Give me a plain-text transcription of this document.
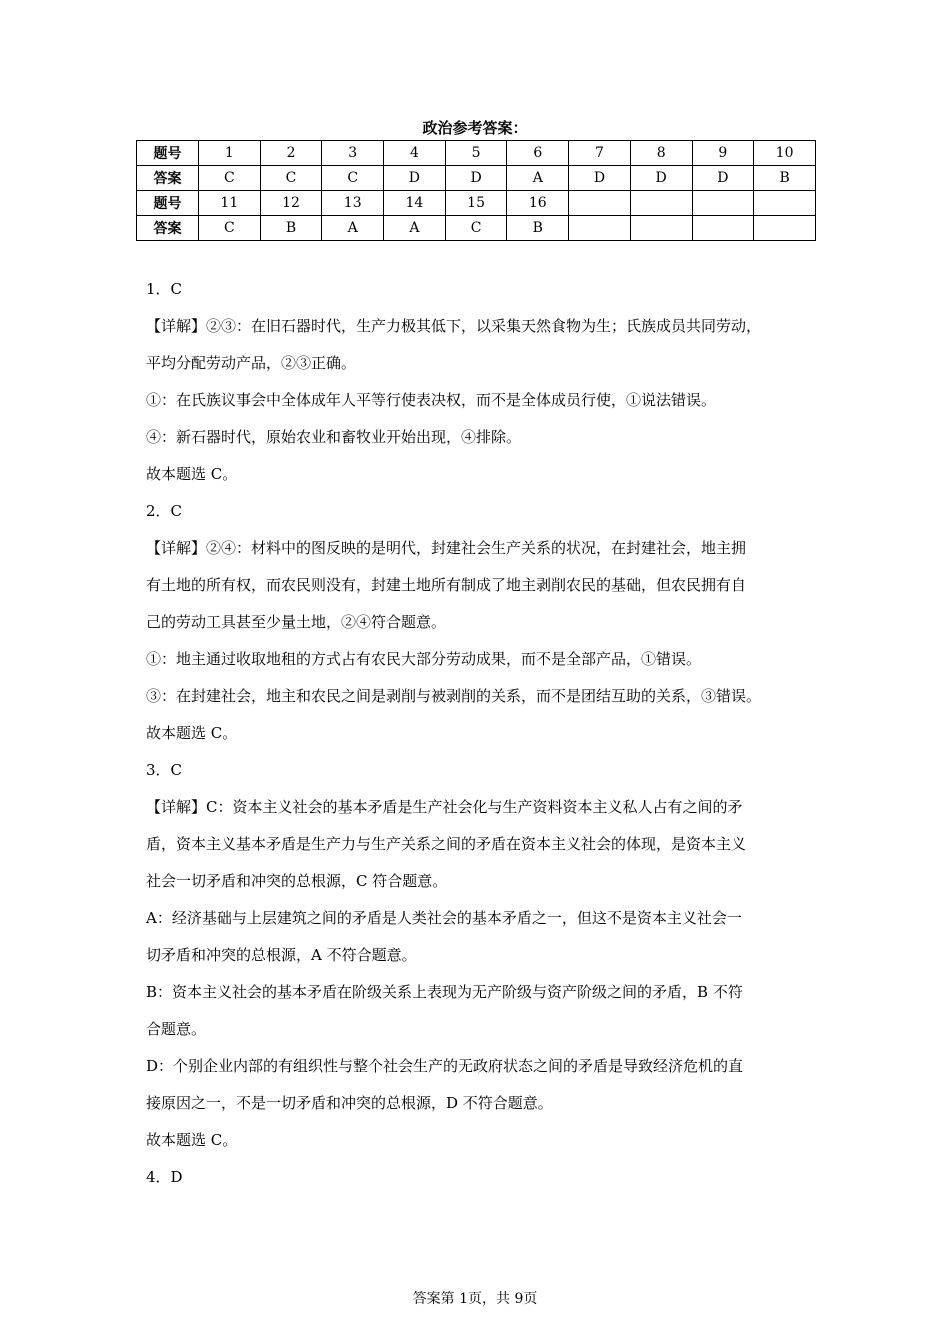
政治参考答案：
题号	1	2	3	4	5	6	7	8	9	10
答案	C	C	C	D	D	A	D	D	D	B
题号	11	12	13	14	15	16				
答案	C	B	A	A	C	B				
1．C
【详解】②③：在旧石器时代，生产力极其低下，以采集天然食物为生；氏族成员共同劳动，
平均分配劳动产品，②③正确。
①：在氏族议事会中全体成年人平等行使表决权，而不是全体成员行使，①说法错误。
④：新石器时代，原始农业和畜牧业开始出现，④排除。
故本题选 C。
2．C
【详解】②④：材料中的图反映的是明代，封建社会生产关系的状况，在封建社会，地主拥
有土地的所有权，而农民则没有，封建土地所有制成了地主剥削农民的基础，但农民拥有自
己的劳动工具甚至少量土地，②④符合题意。
①：地主通过收取地租的方式占有农民大部分劳动成果，而不是全部产品，①错误。
③：在封建社会，地主和农民之间是剥削与被剥削的关系，而不是团结互助的关系，③错误。
故本题选 C。
3．C
【详解】C：资本主义社会的基本矛盾是生产社会化与生产资料资本主义私人占有之间的矛
盾，资本主义基本矛盾是生产力与生产关系之间的矛盾在资本主义社会的体现，是资本主义
社会一切矛盾和冲突的总根源，C 符合题意。
A：经济基础与上层建筑之间的矛盾是人类社会的基本矛盾之一，但这不是资本主义社会一
切矛盾和冲突的总根源，A 不符合题意。
B：资本主义社会的基本矛盾在阶级关系上表现为无产阶级与资产阶级之间的矛盾，B 不符
合题意。
D：个别企业内部的有组织性与整个社会生产的无政府状态之间的矛盾是导致经济危机的直
接原因之一，不是一切矛盾和冲突的总根源，D 不符合题意。
故本题选 C。
4．D
答案第 1页，共 9页
